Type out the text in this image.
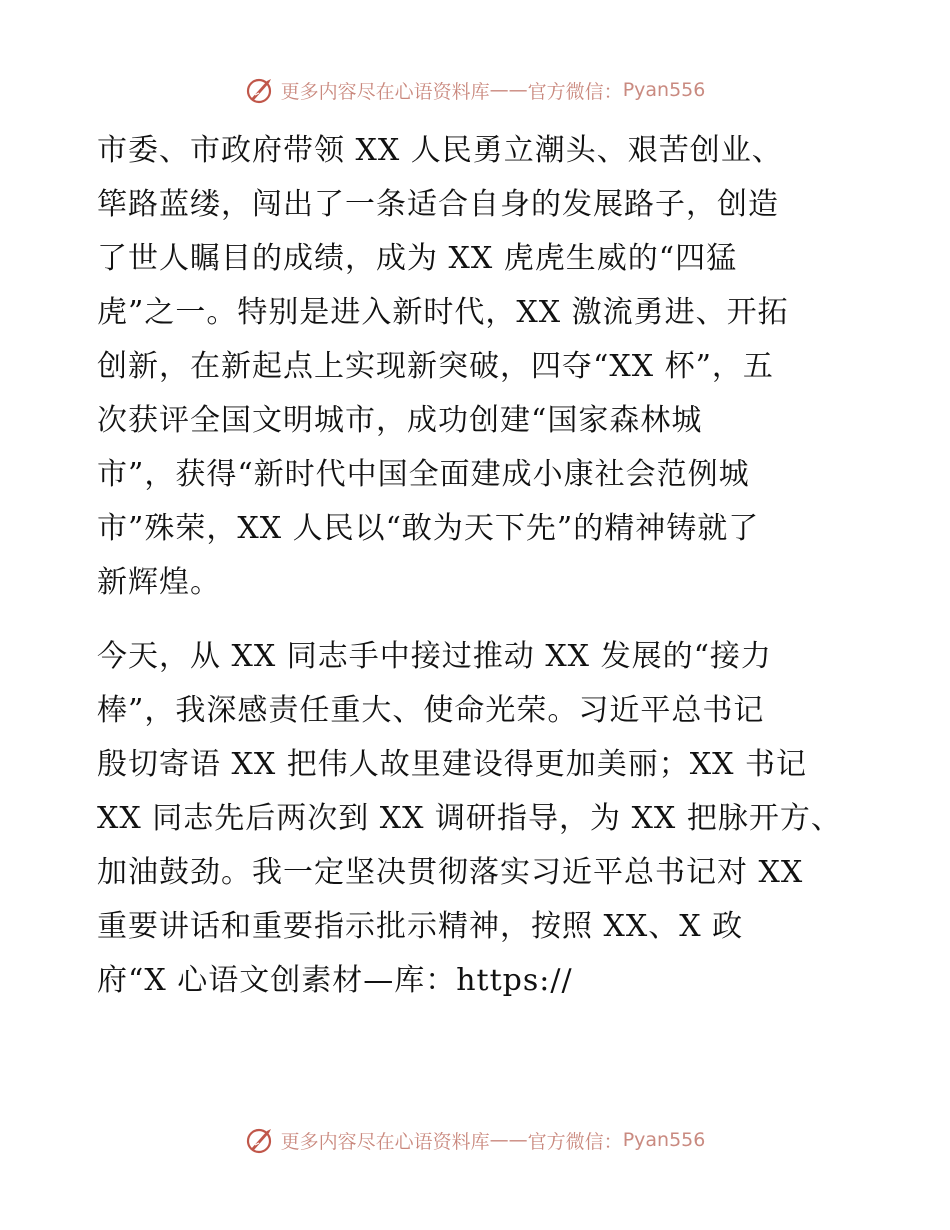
更多内容尽在心语资料库 —— 官方微信： Pyan556
市委、市政府带领 XX 人民勇立潮头、艰苦创业、
筚路蓝缕，闯出了一条适合自身的发展路子，创造
了世人瞩目的成绩，成为 XX 虎虎生威的“四猛
虎”之一。特别是进入新时代，XX 激流勇进、开拓
创新，在新起点上实现新突破，四夺“XX 杯”，五
次获评全国文明城市，成功创建“国家森林城
市”，获得“新时代中国全面建成小康社会范例城
市”殊荣，XX 人民以“敢为天下先”的精神铸就了
新辉煌。
今天，从 XX 同志手中接过推动 XX 发展的“接力
棒”，我深感责任重大、使命光荣。习近平总书记
殷切寄语 XX 把伟人故里建设得更加美丽；XX 书记
XX 同志先后两次到 XX 调研指导，为 XX 把脉开方、
加油鼓劲。我一定坚决贯彻落实习近平总书记对 XX
重要讲话和重要指示批示精神，按照 XX、X 政
府“X 心语文创素材—库：https://
更多内容尽在心语资料库 —— 官方微信： Pyan556
